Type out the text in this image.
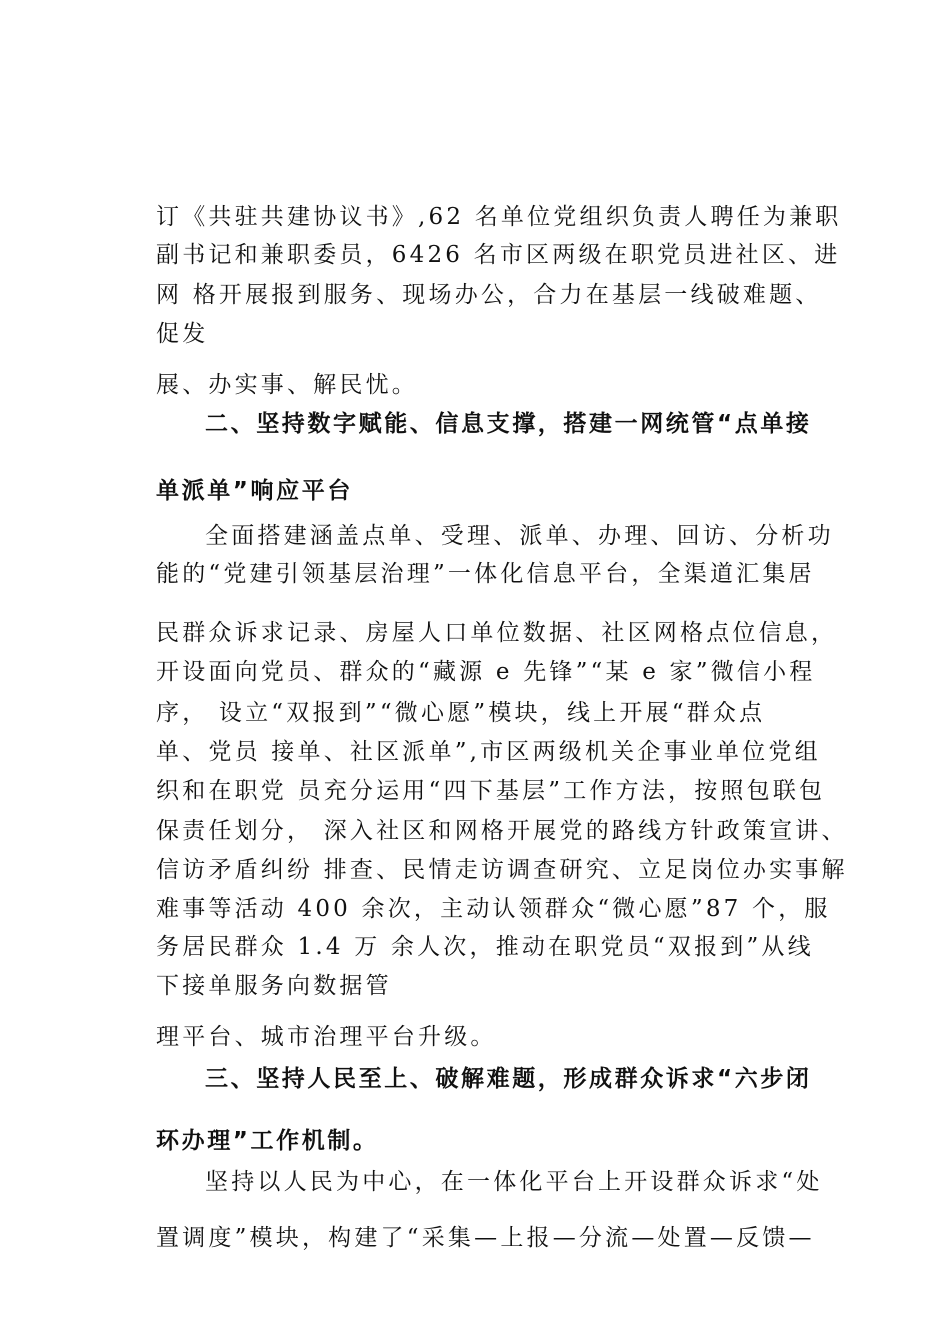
订《共驻共建协议书》,62 名单位党组织负责人聘任为兼职
副书记和兼职委员，6426 名市区两级在职党员进社区、进
网 格开展报到服务、现场办公，合力在基层一线破难题、
促发
展、办实事、解民忧。
二、坚持数字赋能、信息支撑，搭建一网统管“点单接
单派单”响应平台
全面搭建涵盖点单、受理、派单、办理、回访、分析功
能的“党建引领基层治理”一体化信息平台，全渠道汇集居
民群众诉求记录、房屋人口单位数据、社区网格点位信息，
开设面向党员、群众的“藏源 e 先锋”“某 e 家”微信小程
序， 设立“双报到”“微心愿”模块，线上开展“群众点
单、党员 接单、社区派单”,市区两级机关企事业单位党组
织和在职党 员充分运用“四下基层”工作方法，按照包联包
保责任划分， 深入社区和网格开展党的路线方针政策宣讲、
信访矛盾纠纷 排查、民情走访调查研究、立足岗位办实事解
难事等活动 400 余次，主动认领群众“微心愿”87 个，服
务居民群众 1.4 万 余人次，推动在职党员“双报到”从线
下接单服务向数据管
理平台、城市治理平台升级。
三、坚持人民至上、破解难题，形成群众诉求“六步闭
环办理”工作机制。
坚持以人民为中心，在一体化平台上开设群众诉求“处
置调度”模块，构建了“采集—上报—分流—处置—反馈—
